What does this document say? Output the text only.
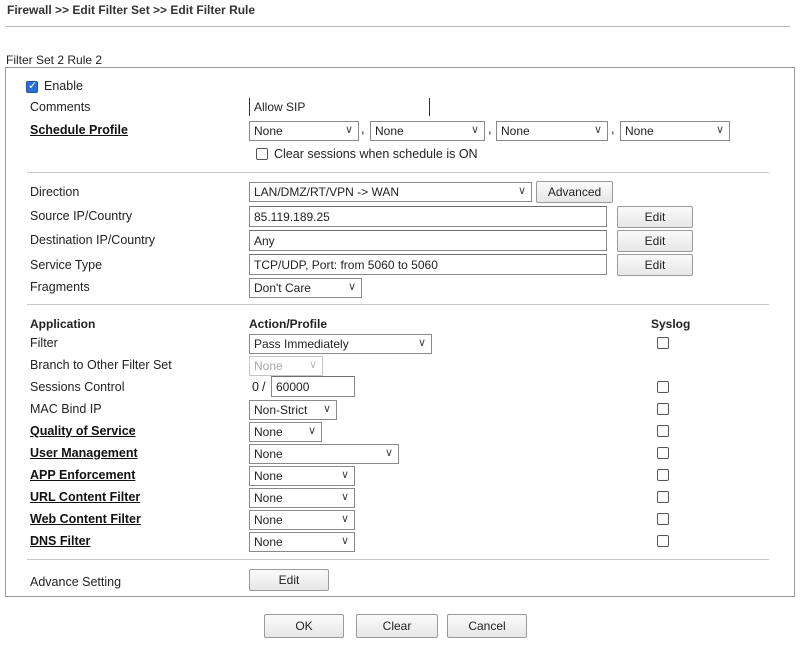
Firewall >> Edit Filter Set >> Edit Filter Rule
Filter Set 2 Rule 2
✓
Enable
Comments	Allow SIP
Schedule Profile	None	∨ , None	∨ , None	∨ , None	∨
Clear sessions when schedule is ON
Direction	LAN/DMZ/RT/VPN -> WAN	∨	Advanced
Source IP/Country	85.119.189.25	Edit
Destination IP/Country	Any	Edit
Service Type	TCP/UDP, Port: from 5060 to 5060	Edit
Fragments	Don't Care	∨
Application	Action/Profile	Syslog
Filter	Pass Immediately	∨
Branch to Other Filter Set	None ∨
Sessions Control	0 / 60000
MAC Bind IP	Non-Strict ∨
Quality of Service	None ∨
User Management	None	∨
APP Enforcement	None	∨
URL Content Filter	None	∨
Web Content Filter	None	∨
DNS Filter	None	∨
Advance Setting	Edit
OK	Clear	Cancel
